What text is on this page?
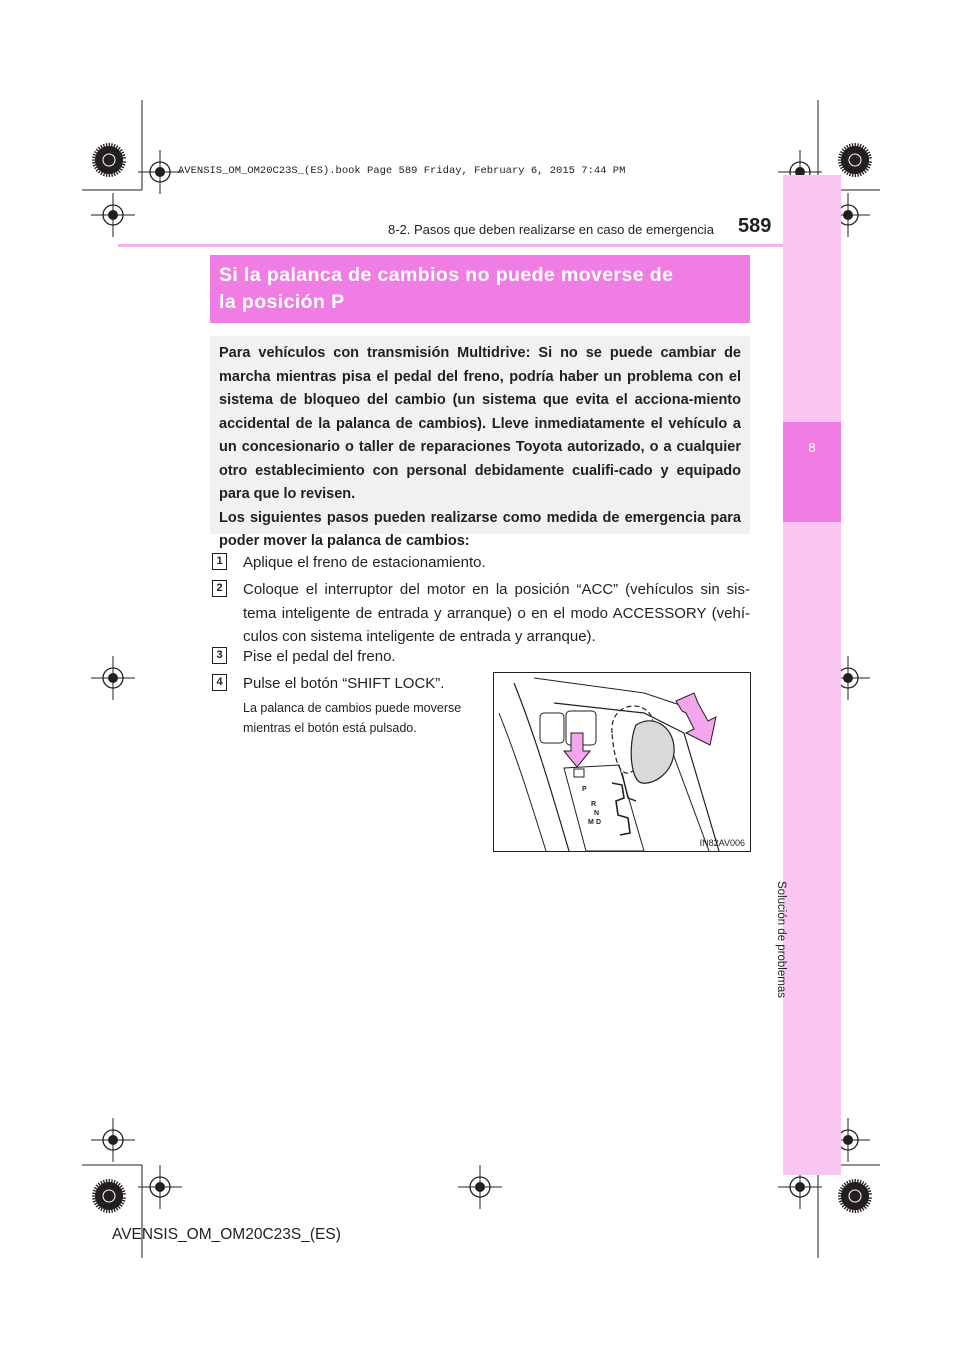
AVENSIS_OM_OM20C23S_(ES).book Page 589 Friday, February 6, 2015 7:44 PM
8-2. Pasos que deben realizarse en caso de emergencia 589
8
Solución de problemas
Si la palanca de cambios no puede moverse de
la posición P

Para vehículos con transmisión Multidrive: Si no se puede cambiar de marcha mientras pisa el pedal del freno, podría haber un problema con el sistema de bloqueo del cambio (un sistema que evita el acciona-miento accidental de la palanca de cambios). Lleve inmediatamente el vehículo a un concesionario o taller de reparaciones Toyota autorizado, o a cualquier otro establecimiento con personal debidamente cualifi-cado y equipado para que lo revisen.

Los siguientes pasos pueden realizarse como medida de emergencia para poder mover la palanca de cambios:

1 Aplique el freno de estacionamiento.
2 Coloque el interruptor del motor en la posición “ACC” (vehículos sin sis-tema inteligente de entrada y arranque) o en el modo ACCESSORY (vehí-culos con sistema inteligente de entrada y arranque).
3 Pise el pedal del freno.
4 Pulse el botón “SHIFT LOCK”.
La palanca de cambios puede moverse mientras el botón está pulsado.
P
R
N
D
M
IN82AV006
AVENSIS_OM_OM20C23S_(ES)
